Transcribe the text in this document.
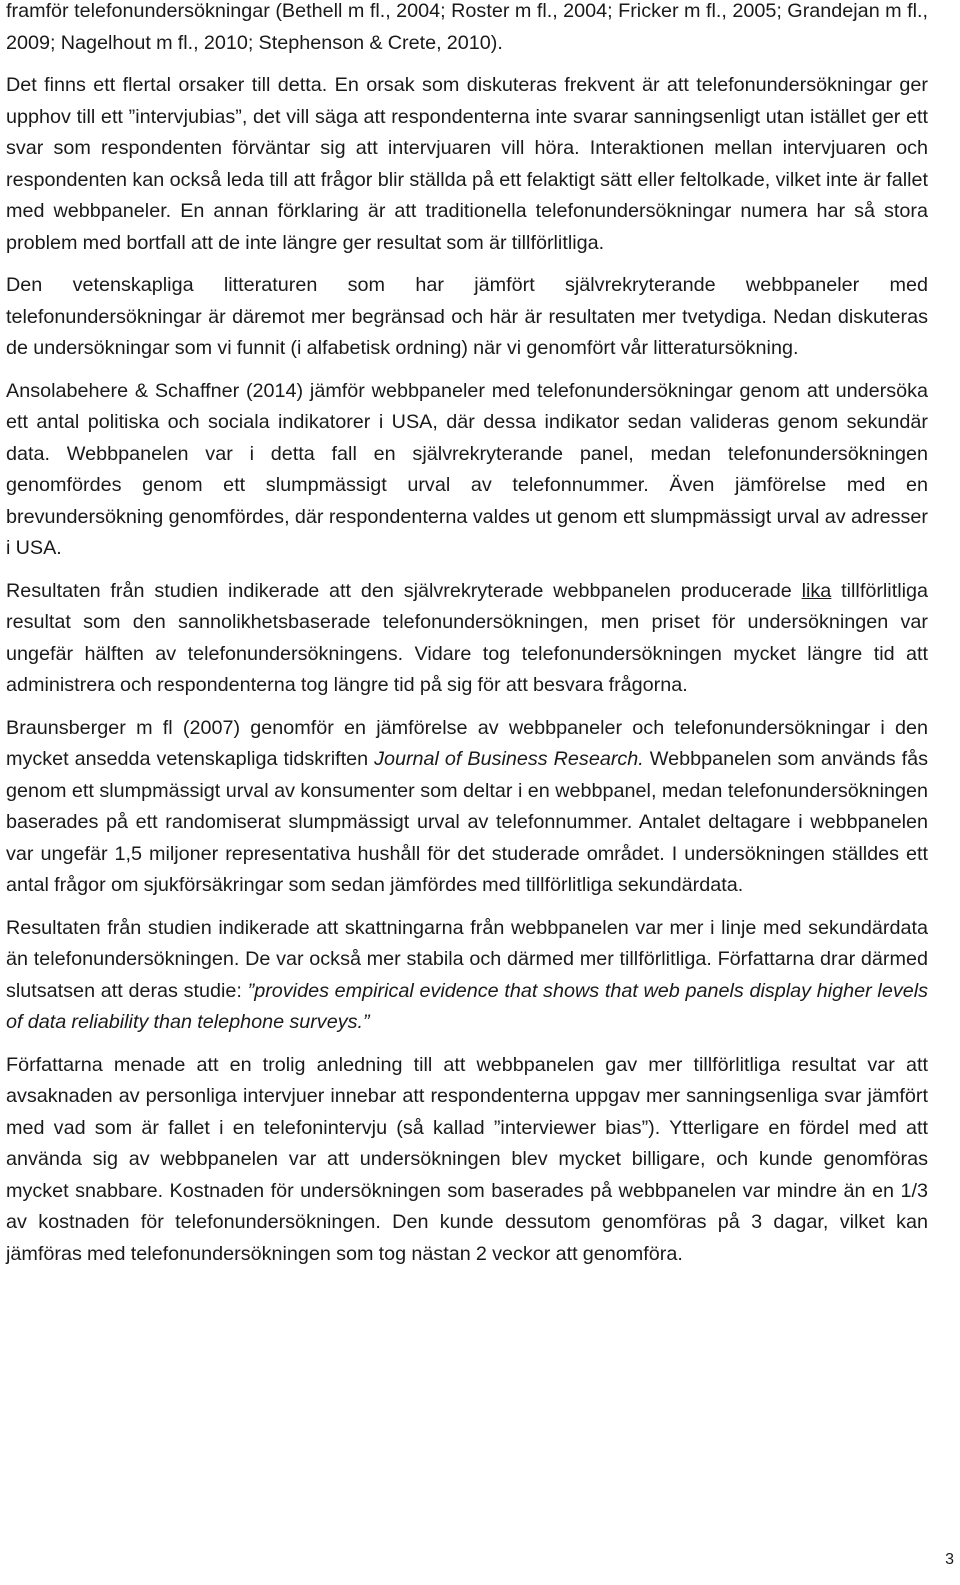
framför telefonundersökningar (Bethell m fl., 2004; Roster m fl., 2004; Fricker m fl., 2005; Grandejan m fl., 2009; Nagelhout m fl., 2010; Stephenson & Crete, 2010).

Det finns ett flertal orsaker till detta. En orsak som diskuteras frekvent är att telefonundersökningar ger upphov till ett ”intervjubias”, det vill säga att respondenterna inte svarar sanningsenligt utan istället ger ett svar som respondenten förväntar sig att intervjuaren vill höra. Interaktionen mellan intervjuaren och respondenten kan också leda till att frågor blir ställda på ett felaktigt sätt eller feltolkade, vilket inte är fallet med webbpaneler. En annan förklaring är att traditionella telefonundersökningar numera har så stora problem med bortfall att de inte längre ger resultat som är tillförlitliga.

Den vetenskapliga litteraturen som har jämfört självrekryterande webbpaneler med telefonundersökningar är däremot mer begränsad och här är resultaten mer tvetydiga. Nedan diskuteras de undersökningar som vi funnit (i alfabetisk ordning) när vi genomfört vår litteratursökning.

Ansolabehere & Schaffner (2014) jämför webbpaneler med telefonundersökningar genom att undersöka ett antal politiska och sociala indikatorer i USA, där dessa indikator sedan valideras genom sekundär data. Webbpanelen var i detta fall en självrekryterande panel, medan telefonundersökningen genomfördes genom ett slumpmässigt urval av telefonnummer. Även jämförelse med en brevundersökning genomfördes, där respondenterna valdes ut genom ett slumpmässigt urval av adresser i USA.

Resultaten från studien indikerade att den självrekryterade webbpanelen producerade lika tillförlitliga resultat som den sannolikhetsbaserade telefonundersökningen, men priset för undersökningen var ungefär hälften av telefonundersökningens. Vidare tog telefonundersökningen mycket längre tid att administrera och respondenterna tog längre tid på sig för att besvara frågorna.

Braunsberger m fl (2007) genomför en jämförelse av webbpaneler och telefonundersökningar i den mycket ansedda vetenskapliga tidskriften Journal of Business Research. Webbpanelen som används fås genom ett slumpmässigt urval av konsumenter som deltar i en webbpanel, medan telefonundersökningen baserades på ett randomiserat slumpmässigt urval av telefonnummer. Antalet deltagare i webbpanelen var ungefär 1,5 miljoner representativa hushåll för det studerade området. I undersökningen ställdes ett antal frågor om sjukförsäkringar som sedan jämfördes med tillförlitliga sekundärdata.

Resultaten från studien indikerade att skattningarna från webbpanelen var mer i linje med sekundärdata än telefonundersökningen. De var också mer stabila och därmed mer tillförlitliga. Författarna drar därmed slutsatsen att deras studie: ”provides empirical evidence that shows that web panels display higher levels of data reliability than telephone surveys.”

Författarna menade att en trolig anledning till att webbpanelen gav mer tillförlitliga resultat var att avsaknaden av personliga intervjuer innebar att respondenterna uppgav mer sanningsenliga svar jämfört med vad som är fallet i en telefonintervju (så kallad ”interviewer bias”). Ytterligare en fördel med att använda sig av webbpanelen var att undersökningen blev mycket billigare, och kunde genomföras mycket snabbare. Kostnaden för undersökningen som baserades på webbpanelen var mindre än en 1/3 av kostnaden för telefonundersökningen. Den kunde dessutom genomföras på 3 dagar, vilket kan jämföras med telefonundersökningen som tog nästan 2 veckor att genomföra.

3
